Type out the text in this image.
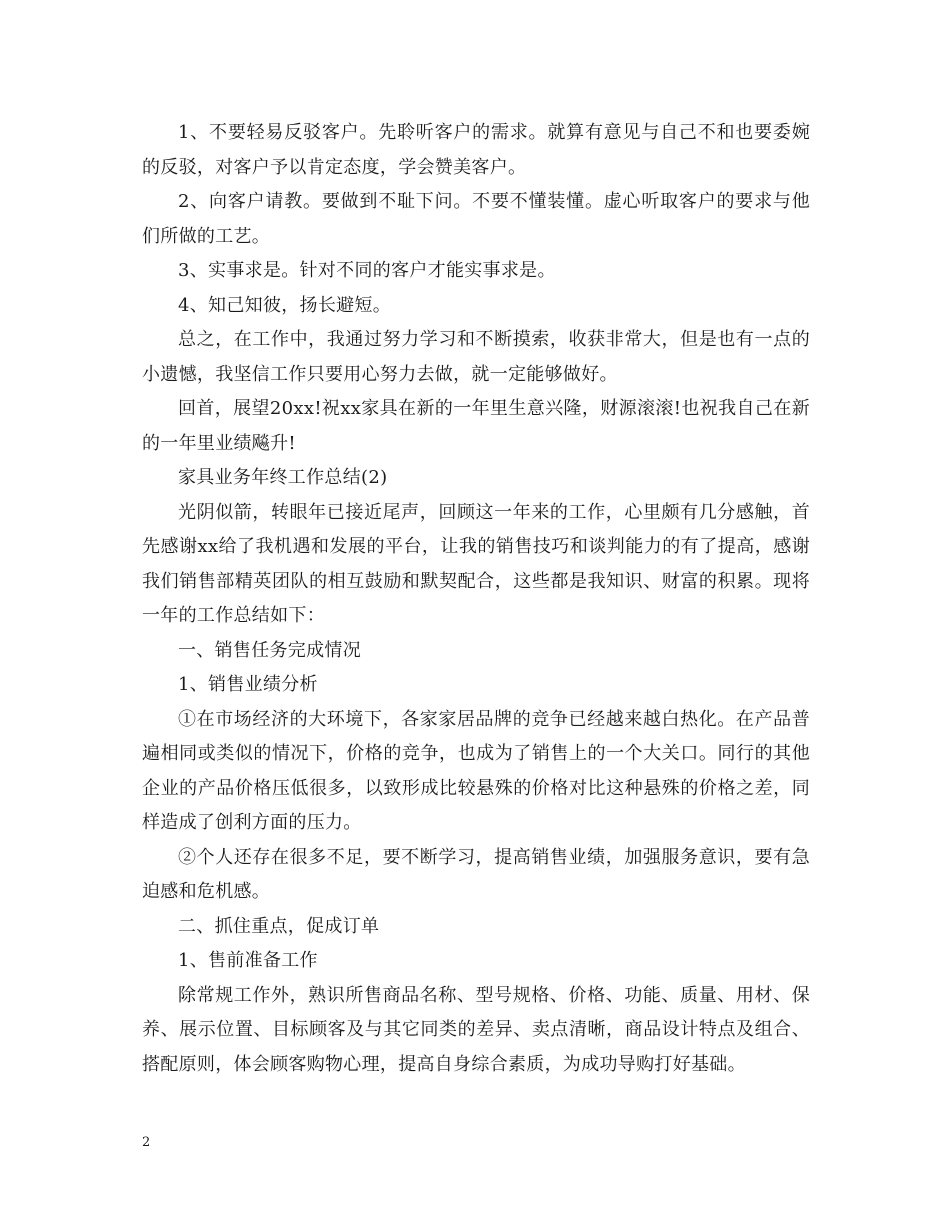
1、不要轻易反驳客户。先聆听客户的需求。就算有意见与自己不和也要委婉的反驳，对客户予以肯定态度，学会赞美客户。

2、向客户请教。要做到不耻下问。不要不懂装懂。虚心听取客户的要求与他们所做的工艺。

3、实事求是。针对不同的客户才能实事求是。

4、知己知彼，扬长避短。

总之，在工作中，我通过努力学习和不断摸索，收获非常大，但是也有一点的小遗憾，我坚信工作只要用心努力去做，就一定能够做好。

回首，展望20xx!祝xx家具在新的一年里生意兴隆，财源滚滚!也祝我自己在新的一年里业绩飚升!

家具业务年终工作总结(2)

光阴似箭，转眼年已接近尾声，回顾这一年来的工作，心里颇有几分感触，首先感谢xx给了我机遇和发展的平台，让我的销售技巧和谈判能力的有了提高，感谢我们销售部精英团队的相互鼓励和默契配合，这些都是我知识、财富的积累。现将一年的工作总结如下：

一、销售任务完成情况

1、销售业绩分析

①在市场经济的大环境下，各家家居品牌的竞争已经越来越白热化。在产品普遍相同或类似的情况下，价格的竞争，也成为了销售上的一个大关口。同行的其他企业的产品价格压低很多，以致形成比较悬殊的价格对比这种悬殊的价格之差，同样造成了创利方面的压力。

②个人还存在很多不足，要不断学习，提高销售业绩，加强服务意识，要有急迫感和危机感。

二、抓住重点，促成订单

1、售前准备工作

除常规工作外，熟识所售商品名称、型号规格、价格、功能、质量、用材、保养、展示位置、目标顾客及与其它同类的差异、卖点清晰，商品设计特点及组合、搭配原则，体会顾客购物心理，提高自身综合素质，为成功导购打好基础。

2
